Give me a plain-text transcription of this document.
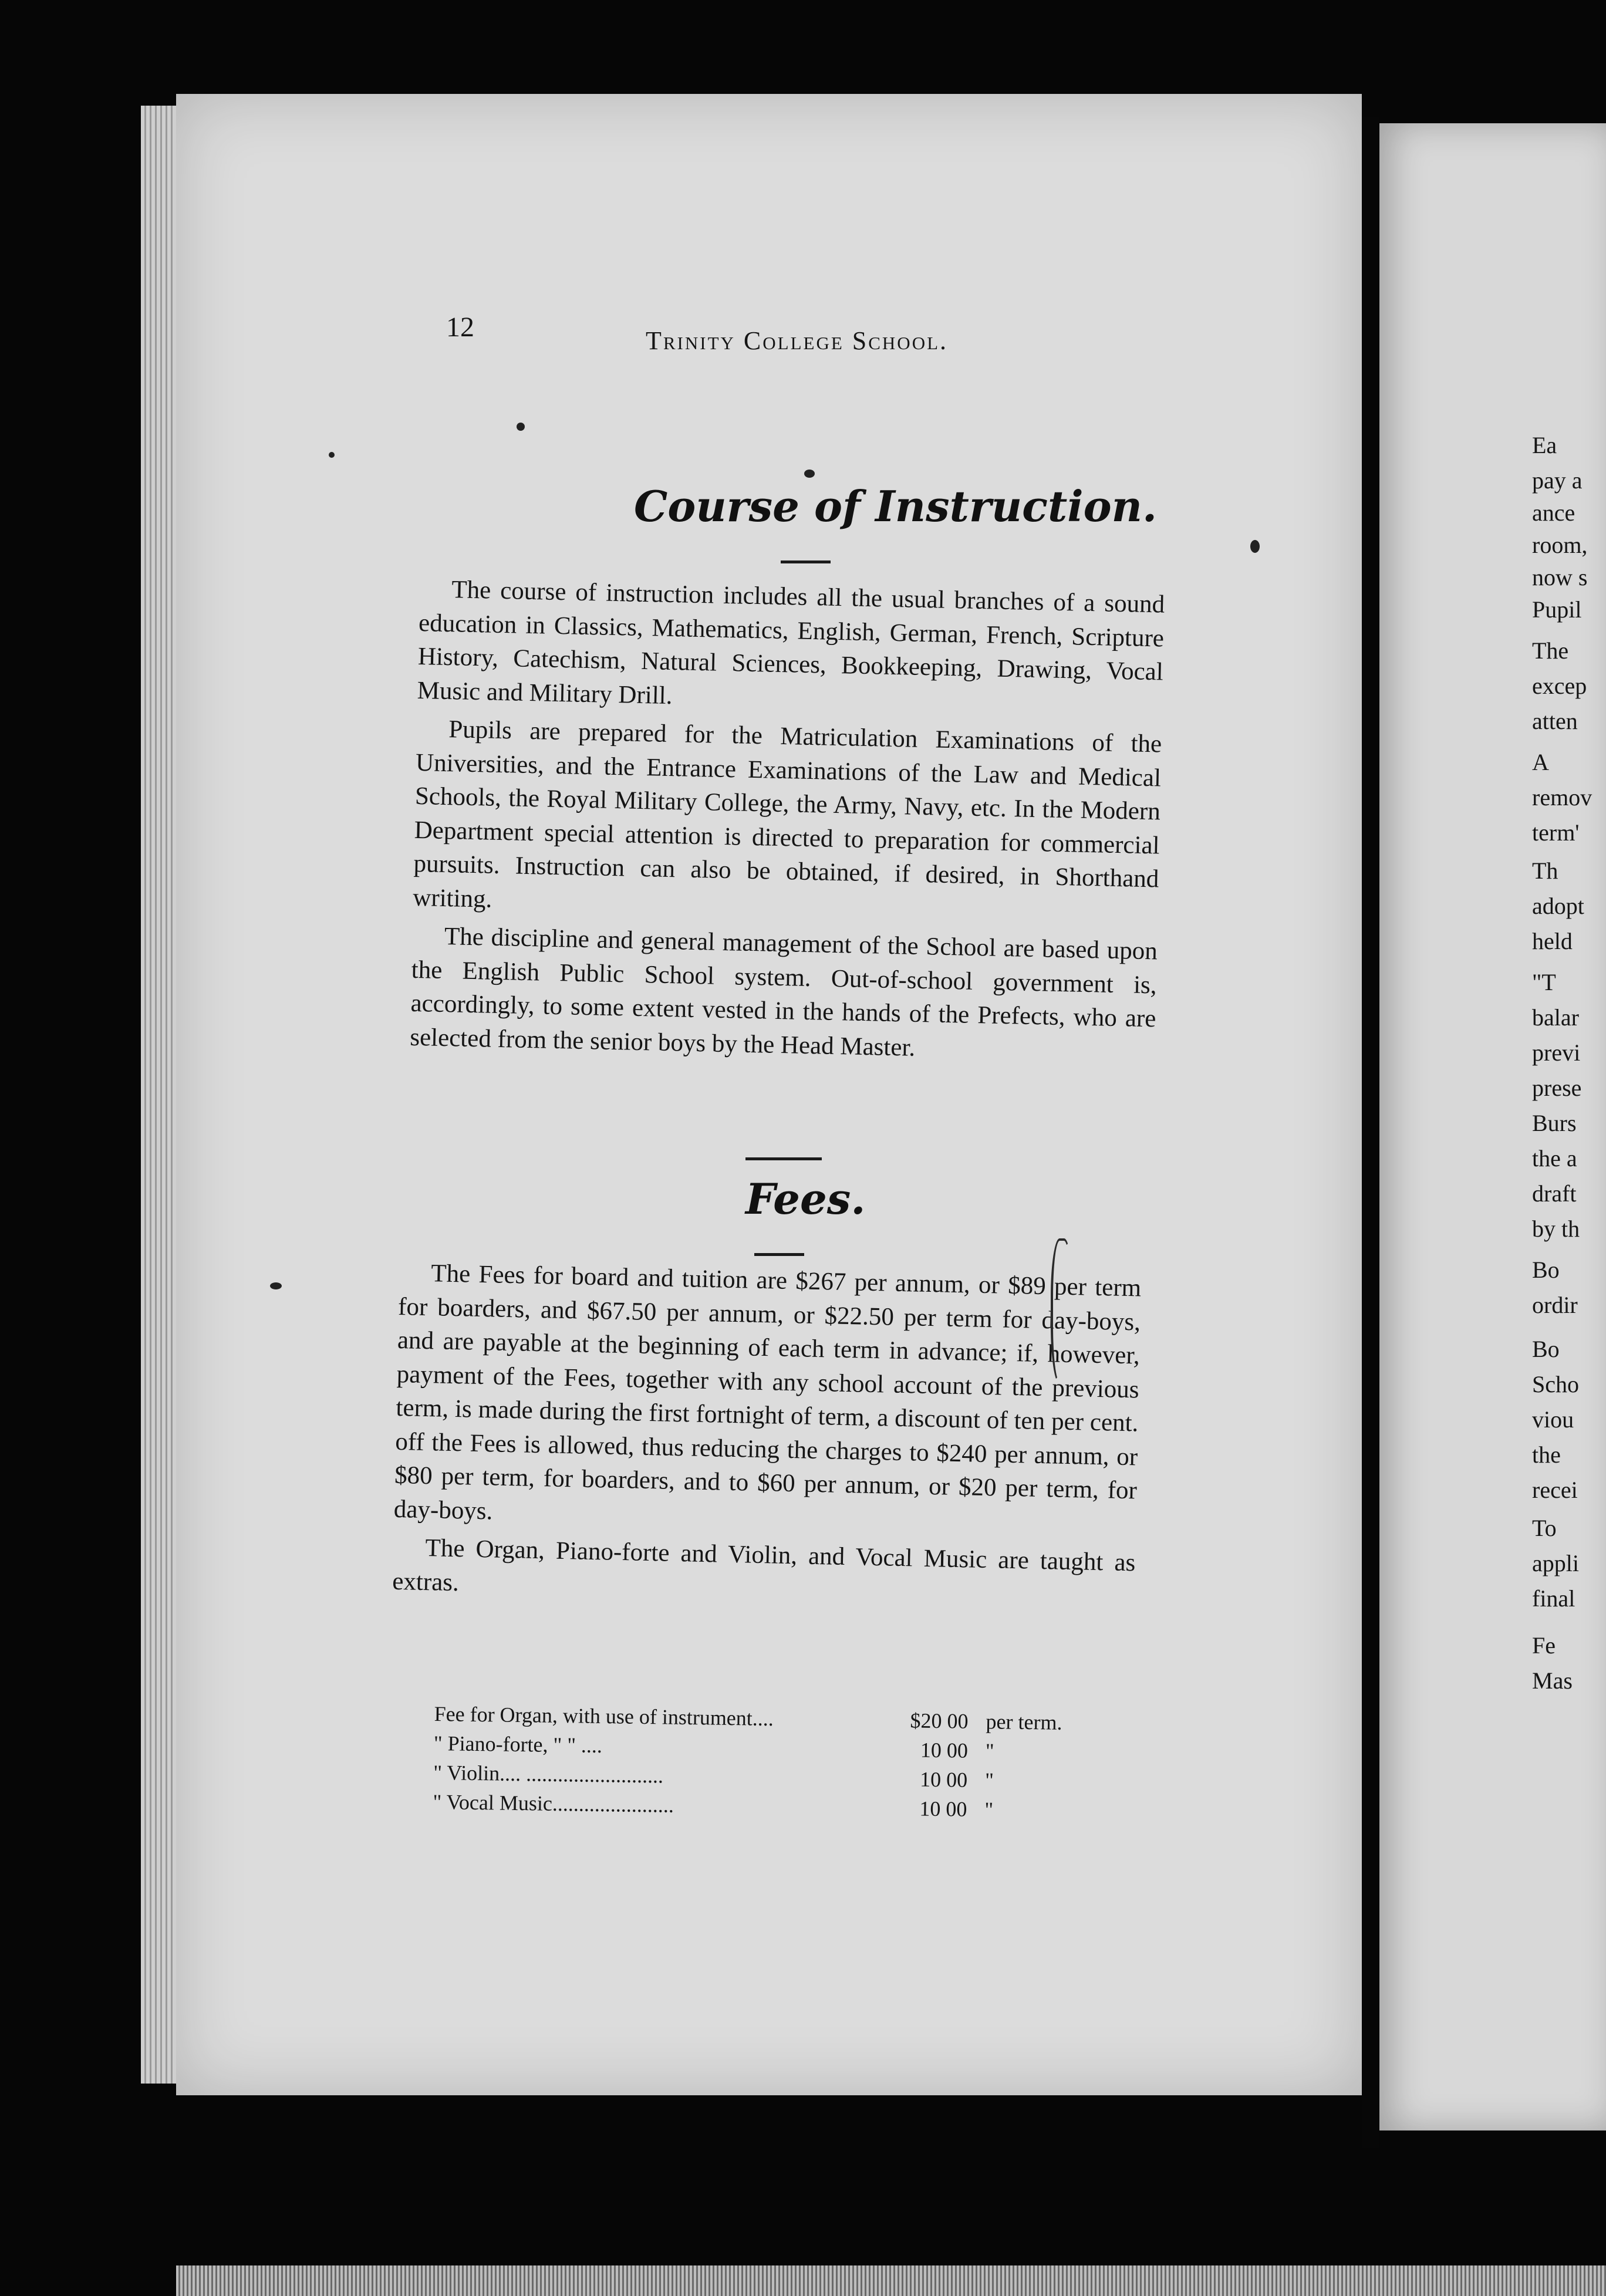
12	Trinity College School.
Course of Instruction.

The course of instruction includes all the usual branches of a sound education in Classics, Mathematics, English, German, French, Scripture History, Catechism, Natural Sciences, Bookkeeping, Drawing, Vocal Music and Military Drill.

Pupils are prepared for the Matriculation Examinations of the Universities, and the Entrance Examinations of the Law and Medical Schools, the Royal Military College, the Army, Navy, etc. In the Modern Department special attention is directed to preparation for commercial pursuits. Instruction can also be obtained, if desired, in Shorthand writing.

The discipline and general management of the School are based upon the English Public School system. Out-of-school government is, accordingly, to some extent vested in the hands of the Prefects, who are selected from the senior boys by the Head Master.

Fees.

The Fees for board and tuition are $267 per annum, or $89 per term for boarders, and $67.50 per annum, or $22.50 per term for day-boys, and are payable at the beginning of each term in advance; if, however, payment of the Fees, together with any school account of the previous term, is made during the first fortnight of term, a discount of ten per cent. off the Fees is allowed, thus reducing the charges to $240 per annum, or $80 per term, for boarders, and to $60 per annum, or $20 per term, for day-boys.

The Organ, Piano-forte and Violin, and Vocal Music are taught as extras.

Fee for Organ, with use of instrument....	$20 00 per term.
" Piano-forte, " " ....	10 00 "
" Violin.... ..........................	10 00 "
" Vocal Music.......................	10 00 "
Ea
pay a
ance
room,
now s
Pupil
The
excep
atten
A
remov
term'
Th
adopt
held
"T
balar
previ
prese
Burs
the a
draft
by th
Bo
ordir
Bo
Scho
viou
the
recei
To
appli
final
Fe
Mas
